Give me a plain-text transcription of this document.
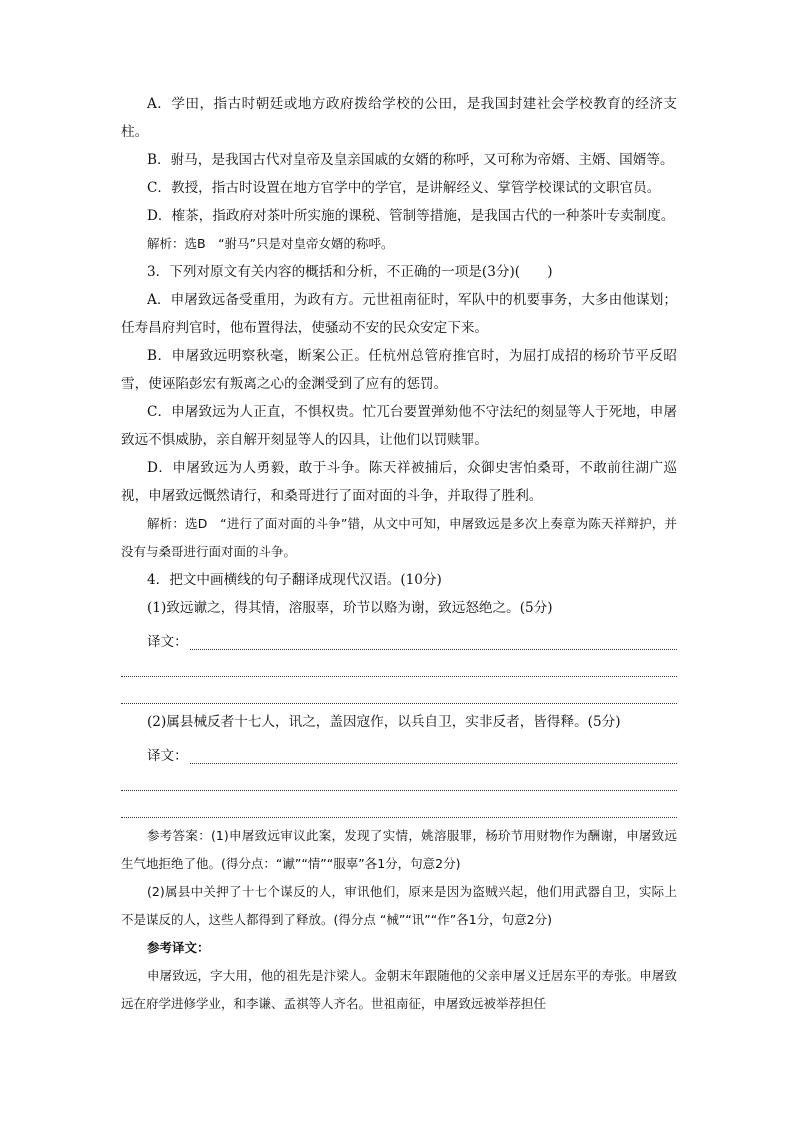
A．学田，指古时朝廷或地方政府拨给学校的公田，是我国封建社会学校教育的经济支柱。

B．驸马，是我国古代对皇帝及皇亲国戚的女婿的称呼，又可称为帝婿、主婿、国婿等。

C．教授，指古时设置在地方官学中的学官，是讲解经义、掌管学校课试的文职官员。

D．榷茶，指政府对茶叶所实施的课税、管制等措施，是我国古代的一种茶叶专卖制度。

解析：选B　“驸马”只是对皇帝女婿的称呼。

3．下列对原文有关内容的概括和分析，不正确的一项是(3分)(　　)

A．申屠致远备受重用，为政有方。元世祖南征时，军队中的机要事务，大多由他谋划；任寿昌府判官时，他布置得法，使骚动不安的民众安定下来。

B．申屠致远明察秋毫，断案公正。任杭州总管府推官时，为屈打成招的杨玠节平反昭雪，使诬陷彭宏有叛离之心的金渊受到了应有的惩罚。

C．申屠致远为人正直，不惧权贵。忙兀台要置弹劾他不守法纪的刻显等人于死地，申屠致远不惧威胁，亲自解开刻显等人的囚具，让他们以罚赎罪。

D．申屠致远为人勇毅，敢于斗争。陈天祥被捕后，众御史害怕桑哥，不敢前往湖广巡视，申屠致远慨然请行，和桑哥进行了面对面的斗争，并取得了胜利。

解析：选D　“进行了面对面的斗争”错，从文中可知，申屠致远是多次上奏章为陈天祥辩护，并没有与桑哥进行面对面的斗争。

4．把文中画横线的句子翻译成现代汉语。(10分)

(1)致远谳之，得其情，溶服辜，玠节以赂为谢，致远怒绝之。(5分)

译文：

(2)属县械反者十七人，讯之，盖因寇作，以兵自卫，实非反者，皆得释。(5分)

译文：

参考答案：(1)申屠致远审议此案，发现了实情，姚溶服罪，杨玠节用财物作为酬谢，申屠致远生气地拒绝了他。(得分点：“谳”“情”“服辜”各1分，句意2分)

(2)属县中关押了十七个谋反的人，审讯他们，原来是因为盗贼兴起，他们用武器自卫，实际上不是谋反的人，这些人都得到了释放。(得分点 “械”“讯”“作”各1分，句意2分)

参考译文：

申屠致远，字大用，他的祖先是汴梁人。金朝末年跟随他的父亲申屠义迁居东平的寿张。申屠致远在府学进修学业，和李谦、孟祺等人齐名。世祖南征，申屠致远被举荐担任
